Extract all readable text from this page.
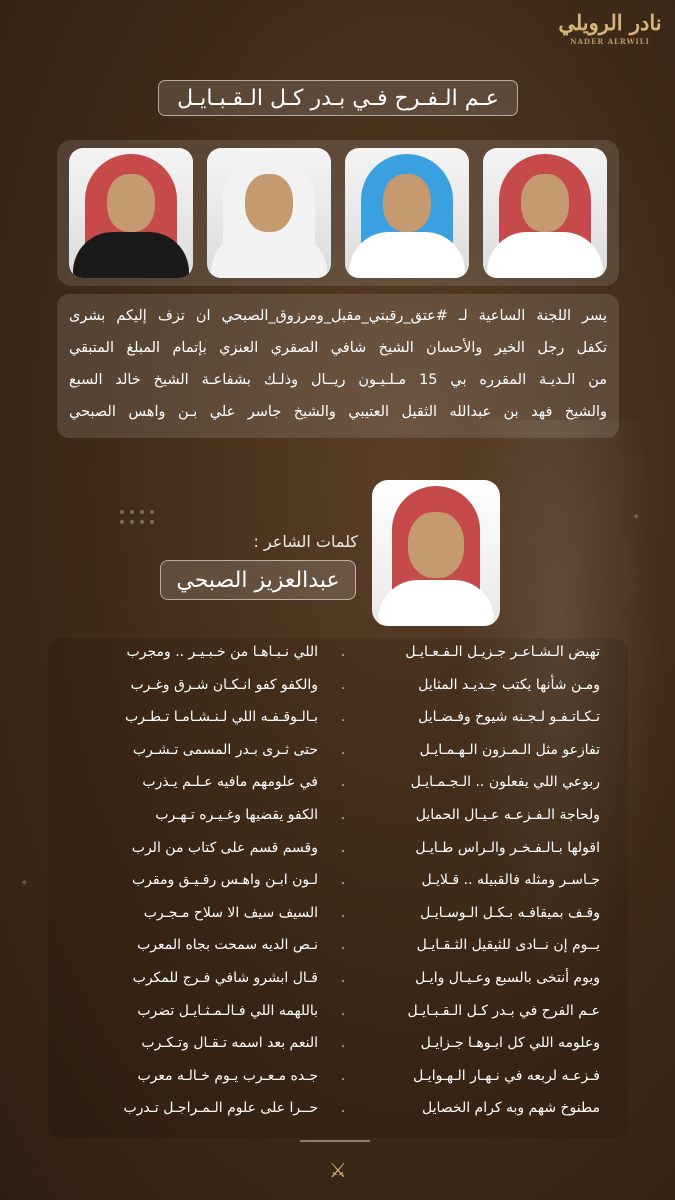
نادر الرويلي
NADER ALRWILI
✦
✦
عـم الـفـرح فـي بـدر كـل الـقـبـايـل

يسر اللجنة الساعية لـ #عتق_رقبتي_مقبل_ومرزوق_الصبحي ان تزف إليكم بشرى

تكفل رجل الخير والأحسان الشيخ شافي الصقري العنزي بإتمام المبلغ المتبقي

من الـديـة المقرره بي 15 مـلـيـون ريــال وذلـك بشفاعـة الشيخ خالد السبع

والشيخ فهد بن عبدالله الثقيل العتيبي والشيخ جاسر علي بـن واهس الصبحي

كلمات الشاعر :
عبدالعزيز الصبحي
تهيض الـشـاعـر جـزيـل الـفـعـايـل
.
اللي نـبـاهـا من خـبـيـر .. ومجرب
ومـن شأنها يكتب جـديـد المثايل
.
والكفو كفو انـكـان شـرق وغـرب
تـكـاتـفـو لـجـنه شيوخ وفـضـايل
.
بـالـوقـفـه اللي لـنـشـامـا تـطـرب
تفازعو مثل الـمـزون الـهـمـايـل
.
حتى ثـرى بـدر المسمى تـشـرب
ربوعي اللي يفعلون .. الـجـمـايـل
.
في علومهم مافيه عـلـم يـذرب
ولحاجة الـفـزعـه عـيـال الحمايل
.
الكفو يقضيها وغـيـره تـهـرب
اقولها بـالـفـخـر والـراس طـايـل
.
وقسم قسم على كتاب من الرب
جـاسـر ومثله فالقبيله .. قـلايـل
.
لـون ابـن واهـس رفـيـق ومقرب
وقـف بميقافـه بـكـل الـوسـايـل
.
السيف سيف الا سلاح مـجـرب
يــوم إن نــادى للثيقيل الثـقـايـل
.
نـص الديه سمحت بجاه المعرب
ويوم أنتخى بالسبع وعـيـال وايـل
.
قـال ابشرو شافي فـرج للمكرب
عـم الفرح في بـدر كـل الـقـبـايـل
.
باللهمه اللي فـالـمـثـايـل تضرب
وعلومه اللي كل ابـوهـا جـزايـل
.
النعم بعد اسمه تـقـال وتـكـرب
فـزعـه لربعه في نـهـار الـهـوايـل
.
جـده مـعـرب يـوم خـالـه معرب
مطنوخ شهم وبه كرام الخصايل
.
حــرا على علوم الـمـراجـل تـدرب
⚔
